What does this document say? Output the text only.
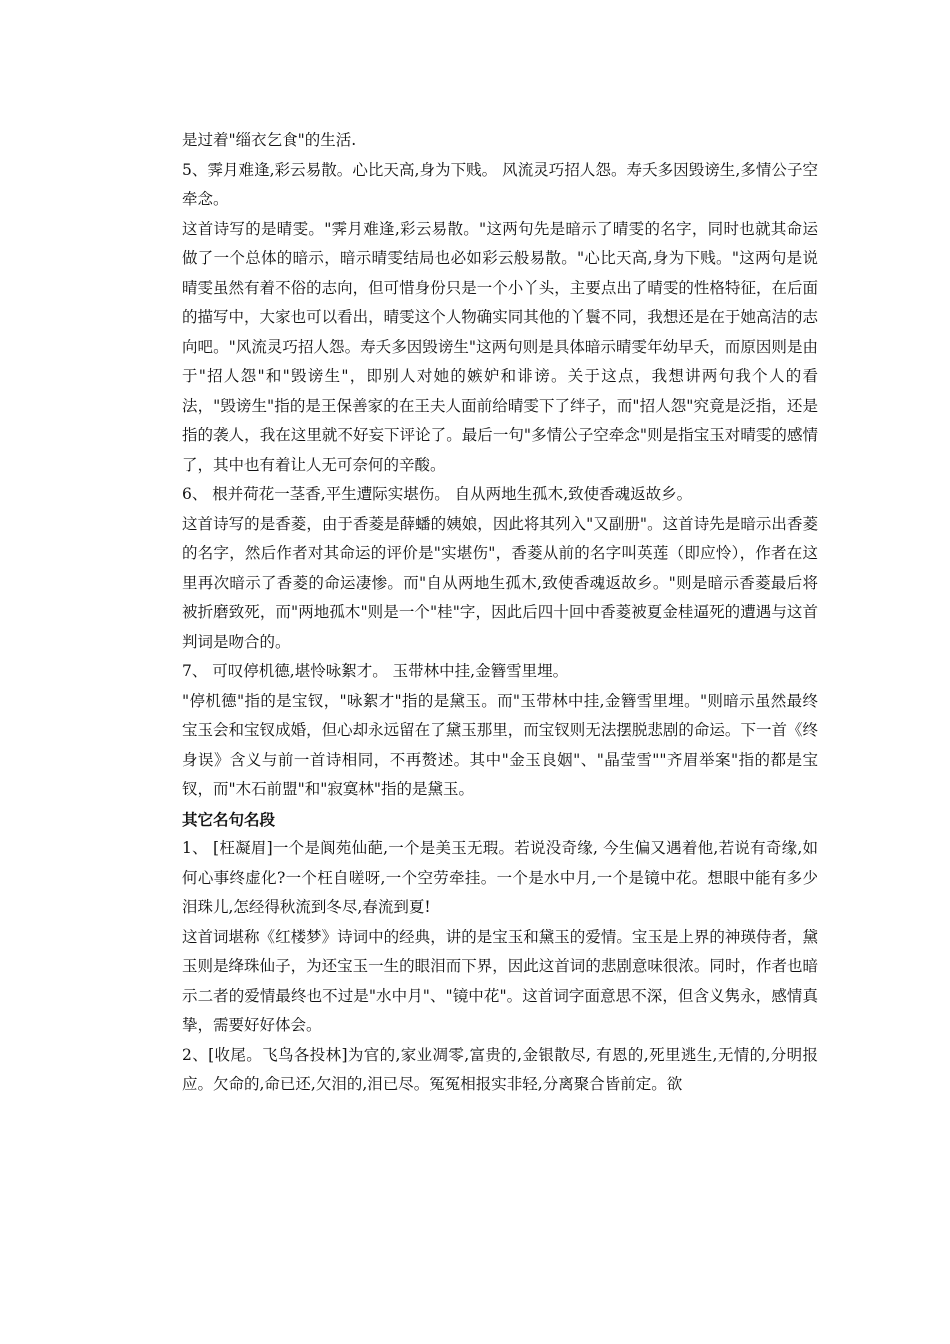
是过着"缁衣乞食"的生活.

5、霁月难逢,彩云易散。心比天高,身为下贱。 风流灵巧招人怨。寿夭多因毁谤生,多情公子空牵念。

这首诗写的是晴雯。"霁月难逢,彩云易散。"这两句先是暗示了晴雯的名字，同时也就其命运做了一个总体的暗示，暗示晴雯结局也必如彩云般易散。"心比天高,身为下贱。"这两句是说晴雯虽然有着不俗的志向，但可惜身份只是一个小丫头，主要点出了晴雯的性格特征，在后面的描写中，大家也可以看出，晴雯这个人物确实同其他的丫鬟不同，我想还是在于她高洁的志向吧。"风流灵巧招人怨。寿夭多因毁谤生"这两句则是具体暗示晴雯年幼早夭，而原因则是由于"招人怨"和"毁谤生"，即别人对她的嫉妒和诽谤。关于这点，我想讲两句我个人的看法，"毁谤生"指的是王保善家的在王夫人面前给晴雯下了绊子，而"招人怨"究竟是泛指，还是指的袭人，我在这里就不好妄下评论了。最后一句"多情公子空牵念"则是指宝玉对晴雯的感情了，其中也有着让人无可奈何的辛酸。

6、 根并荷花一茎香,平生遭际实堪伤。 自从两地生孤木,致使香魂返故乡。

这首诗写的是香菱，由于香菱是薛蟠的姨娘，因此将其列入"又副册"。这首诗先是暗示出香菱的名字，然后作者对其命运的评价是"实堪伤"，香菱从前的名字叫英莲（即应怜），作者在这里再次暗示了香菱的命运凄惨。而"自从两地生孤木,致使香魂返故乡。"则是暗示香菱最后将被折磨致死，而"两地孤木"则是一个"桂"字，因此后四十回中香菱被夏金桂逼死的遭遇与这首判词是吻合的。

7、 可叹停机德,堪怜咏絮才。 玉带林中挂,金簪雪里埋。

"停机德"指的是宝钗，"咏絮才"指的是黛玉。而"玉带林中挂,金簪雪里埋。"则暗示虽然最终宝玉会和宝钗成婚，但心却永远留在了黛玉那里，而宝钗则无法摆脱悲剧的命运。下一首《终身误》含义与前一首诗相同，不再赘述。其中"金玉良姻"、"晶莹雪""齐眉举案"指的都是宝钗，而"木石前盟"和"寂寞林"指的是黛玉。

其它名句名段

1、 [枉凝眉]一个是阆苑仙葩,一个是美玉无瑕。若说没奇缘, 今生偏又遇着他,若说有奇缘,如何心事终虚化?一个枉自嗟呀,一个空劳牵挂。一个是水中月,一个是镜中花。想眼中能有多少泪珠儿,怎经得秋流到冬尽,春流到夏!

这首词堪称《红楼梦》诗词中的经典，讲的是宝玉和黛玉的爱情。宝玉是上界的神瑛侍者，黛玉则是绛珠仙子，为还宝玉一生的眼泪而下界，因此这首词的悲剧意味很浓。同时，作者也暗示二者的爱情最终也不过是"水中月"、"镜中花"。这首词字面意思不深，但含义隽永，感情真挚，需要好好体会。

2、[收尾。飞鸟各投林]为官的,家业凋零,富贵的,金银散尽, 有恩的,死里逃生,无情的,分明报应。欠命的,命已还,欠泪的,泪已尽。冤冤相报实非轻,分离聚合皆前定。欲
